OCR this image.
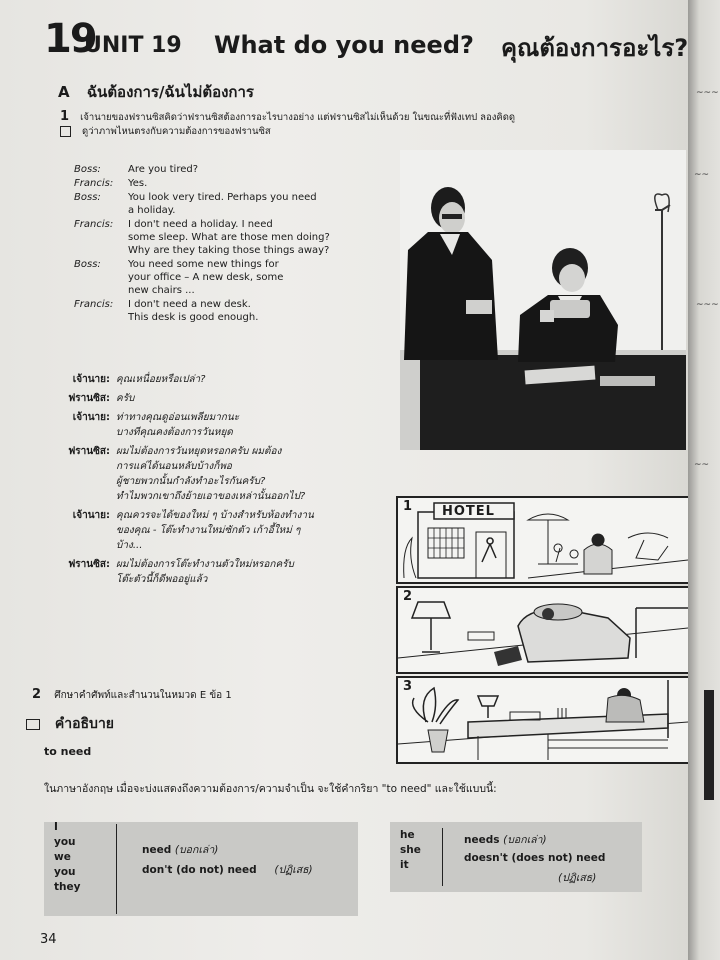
19
UNIT 19 What do you need? คุณต้องการอะไร?
A ฉันต้องการ/ฉันไม่ต้องการ
1 เจ้านายของฟรานซิสคิดว่าฟรานซิสต้องการอะไรบางอย่าง แต่ฟรานซิสไม่เห็นด้วย ในขณะที่ฟังเทป ลองคิดดู
ดูว่าภาพไหนตรงกับความต้องการของฟรานซิส
Boss:	Are you tired?
Francis:	Yes.
Boss:	You look very tired. Perhaps you need
a holiday.
Francis:	I don't need a holiday. I need
some sleep. What are those men doing?
Why are they taking those things away?
Boss:	You need some new things for
your office – A new desk, some
new chairs ...
Francis:	I don't need a new desk.
This desk is good enough.
เจ้านาย: คุณเหนื่อยหรือเปล่า?
ฟรานซิส: ครับ
เจ้านาย: ท่าทางคุณดูอ่อนเพลียมากนะ
บางทีคุณคงต้องการวันหยุด
ฟรานซิส: ผมไม่ต้องการวันหยุดหรอกครับ ผมต้อง
การแค่ได้นอนหลับบ้างก็พอ
ผู้ชายพวกนั้นกำลังทำอะไรกันครับ?
ทำไมพวกเขาถึงย้ายเอาของเหล่านั้นออกไป?
เจ้านาย: คุณควรจะได้ของใหม่ ๆ บ้างสำหรับห้องทำงาน
ของคุณ - โต๊ะทำงานใหม่ซักตัว เก้าอี้ใหม่ ๆ
บ้าง...
ฟรานซิส: ผมไม่ต้องการโต๊ะทำงานตัวใหม่หรอกครับ
โต๊ะตัวนี้ก็ดีพออยู่แล้ว
1 HOTEL
2
3
2 ศึกษาคำศัพท์และสำนวนในหมวด E ข้อ 1
คำอธิบาย
to need
ในภาษาอังกฤษ เมื่อจะบ่งแสดงถึงความต้องการ/ความจำเป็น จะใช้คำกริยา "to need" และใช้แบบนี้:
I
you
we
you
they
need (บอกเล่า)
don't (do not) need (ปฏิเสธ)
he
she
it
needs (บอกเล่า)
doesn't (does not) need
(ปฏิเสธ)
34
~~~
~~
~~~
~~
